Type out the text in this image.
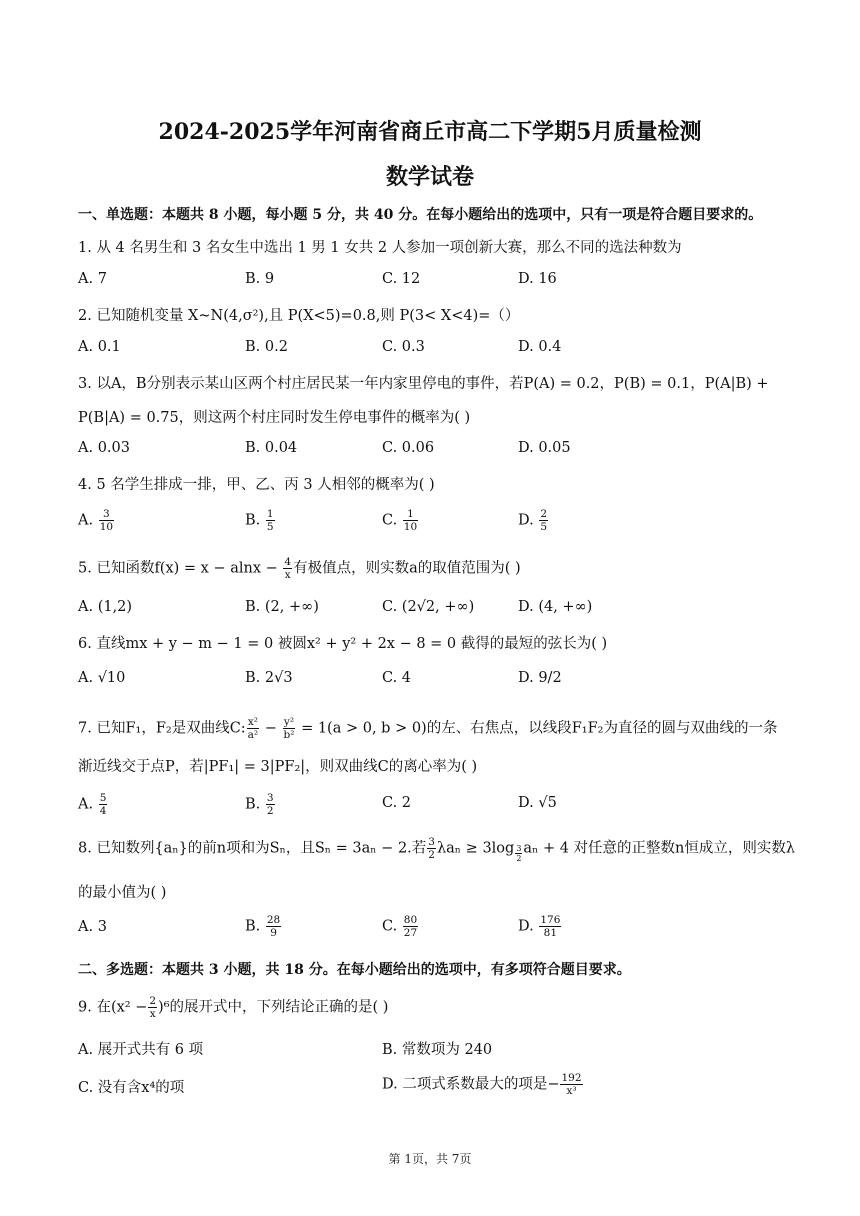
2024-2025学年河南省商丘市高二下学期5月质量检测
数学试卷
一、单选题：本题共 8 小题，每小题 5 分，共 40 分。在每小题给出的选项中，只有一项是符合题目要求的。
1. 从 4 名男生和 3 名女生中选出 1 男 1 女共 2 人参加一项创新大赛，那么不同的选法种数为
A. 7	B. 9	C. 12	D. 16
2. 已知随机变量 X~N(4,σ²),且 P(X<5)=0.8,则 P(3< X<4)=（）
A. 0.1	B. 0.2	C. 0.3	D. 0.4
3. 以A，B分别表示某山区两个村庄居民某一年内家里停电的事件，若P(A) = 0.2，P(B) = 0.1，P(A|B) +
P(B|A) = 0.75，则这两个村庄同时发生停电事件的概率为( )
A. 0.03	B. 0.04	C. 0.06	D. 0.05
4. 5 名学生排成一排，甲、乙、丙 3 人相邻的概率为( )
A. $\frac{3}{10}$	B. $\frac{1}{5}$	C. $\frac{1}{10}$	D. $\frac{2}{5}$
5. 已知函数$f(x) = x - alnx - \frac{4}{x}$ 有极值点，则实数a的取值范围为( )
A. (1,2)	B. (2, +∞)	C. (2√2, +∞)	D. (4, +∞)
6. 直线mx + y − m − 1 = 0 被圆x² + y² + 2x − 8 = 0 截得的最短的弦长为( )
A. √10	B. 2√3	C. 4	D. 9/2
7. 已知F₁，F₂是双曲线C: $\frac{\text{x²}}{\text{a²}} - \frac{\text{y²}}{\text{b²}} = 1(a > 0$, b > 0)的左、右焦点，以线段F₁F₂为直径的圆与双曲线的一条
渐近线交于点P，若|PF₁| = 3|PF₂|，则双曲线C的离心率为( )
A. $\frac{5}{4}$	B. $\frac{3}{2}$	C. 2	D. √5
8. 已知数列{aₙ}的前n项和为Sₙ，且Sₙ = 3aₙ − 2.若 $\frac{3}{2}$ $\lambda a_n \ge 3\log \frac{3}{2}$ aₙ + 4 对任意的正整数n恒成立，则实数λ
的最小值为( )
A. 3	B. $\frac{28}{9}$	C. $\frac{80}{27}$	D. $\frac{176}{81}$
二、多选题：本题共 3 小题，共 18 分。在每小题给出的选项中，有多项符合题目要求。
9. 在$(x^2 - \frac{2}{x} )^6$的展开式中，下列结论正确的是( )
A. 展开式共有 6 项	B. 常数项为 240
C. 没有含x⁴的项	D. 二项式系数最大的项是− $\frac{192}{\text{x³}}$
第 1页，共 7页
